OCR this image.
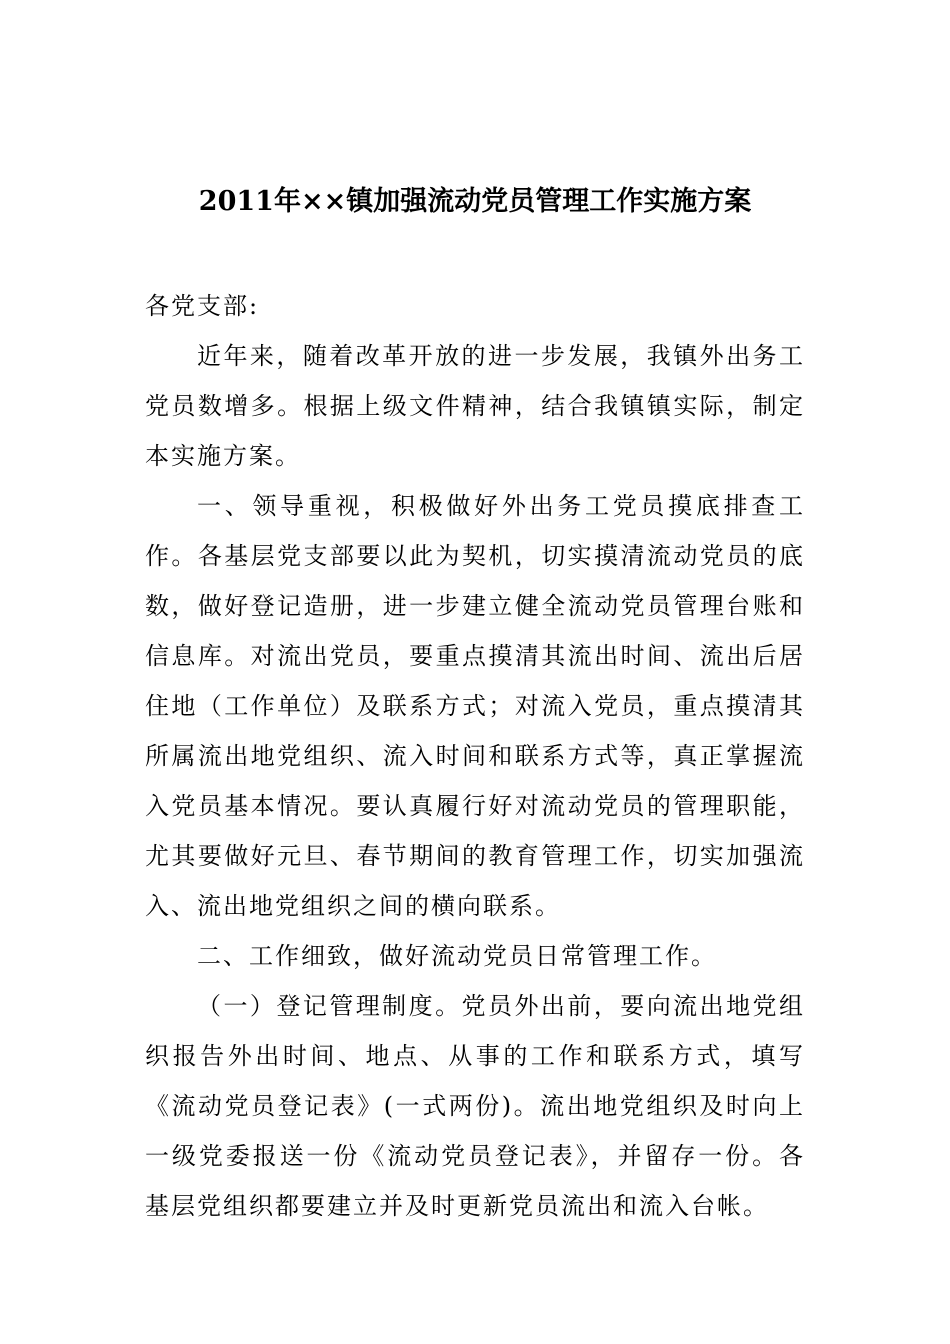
2011年××镇加强流动党员管理工作实施方案

各党支部:

近年来，随着改革开放的进一步发展，我镇外出务工党员数增多。根据上级文件精神，结合我镇镇实际，制定本实施方案。

一、领导重视，积极做好外出务工党员摸底排查工作。各基层党支部要以此为契机，切实摸清流动党员的底数，做好登记造册，进一步建立健全流动党员管理台账和信息库。对流出党员，要重点摸清其流出时间、流出后居住地（工作单位）及联系方式；对流入党员，重点摸清其所属流出地党组织、流入时间和联系方式等，真正掌握流入党员基本情况。要认真履行好对流动党员的管理职能，尤其要做好元旦、春节期间的教育管理工作，切实加强流入、流出地党组织之间的横向联系。

二、工作细致，做好流动党员日常管理工作。

（一）登记管理制度。党员外出前，要向流出地党组织报告外出时间、地点、从事的工作和联系方式，填写《流动党员登记表》(一式两份)。流出地党组织及时向上一级党委报送一份《流动党员登记表》，并留存一份。各基层党组织都要建立并及时更新党员流出和流入台帐。
